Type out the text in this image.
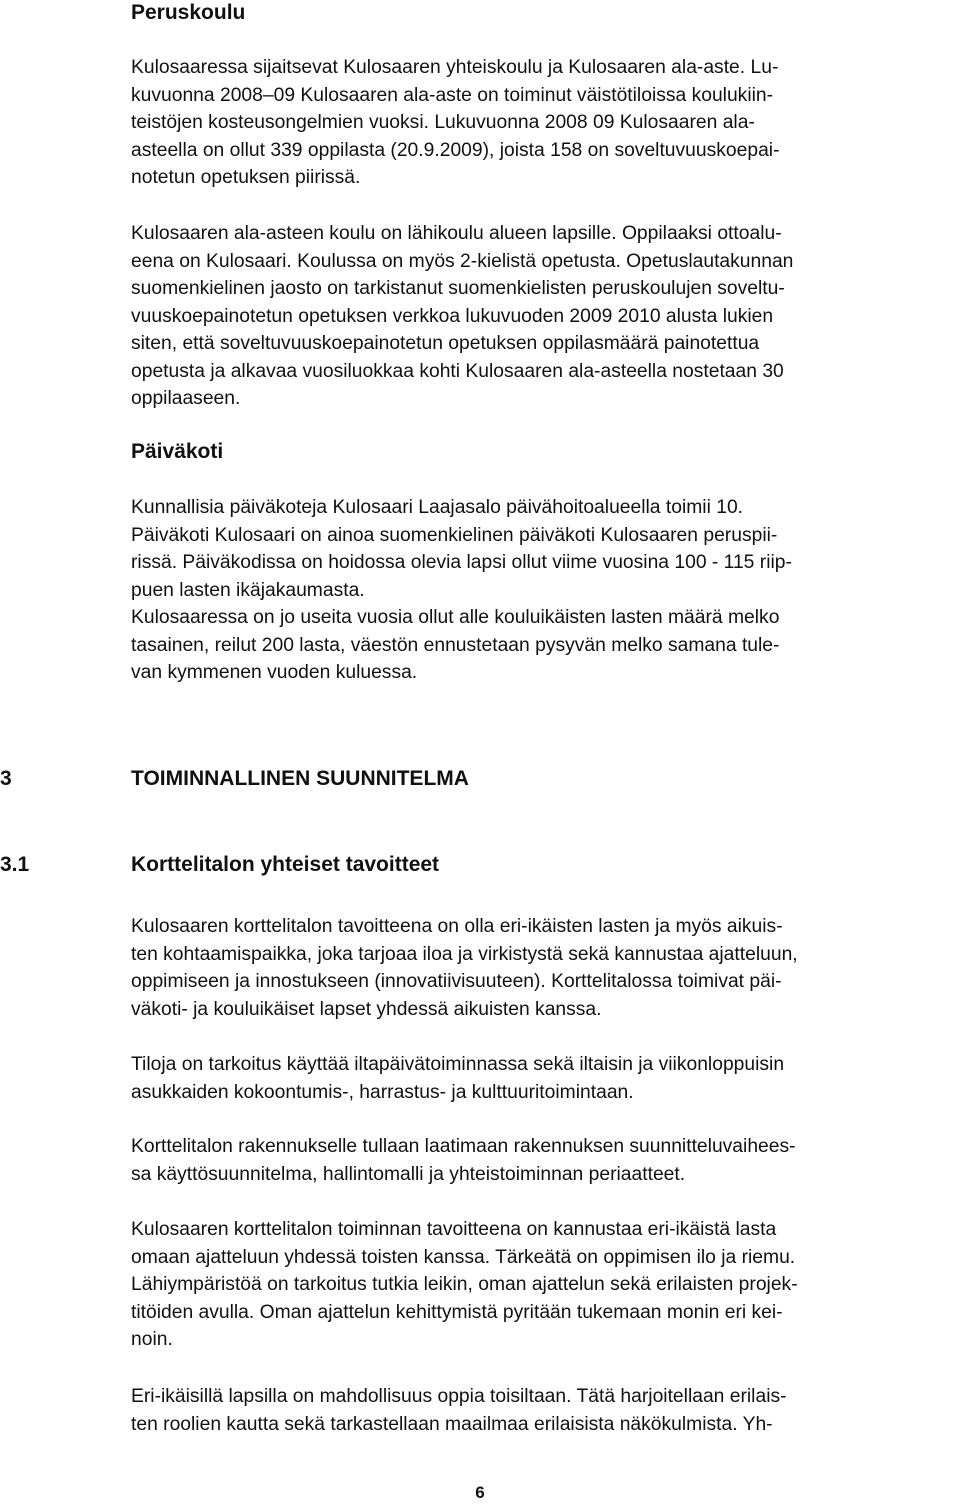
Peruskoulu

Kulosaaressa sijaitsevat Kulosaaren yhteiskoulu ja Kulosaaren ala-aste. Lu-
kuvuonna 2008–09 Kulosaaren ala-aste on toiminut väistötiloissa koulukiin-
teistöjen kosteusongelmien vuoksi. Lukuvuonna 2008 09 Kulosaaren ala-
asteella on ollut 339 oppilasta (20.9.2009), joista 158 on soveltuvuuskoepai-
notetun opetuksen piirissä.

Kulosaaren ala-asteen koulu on lähikoulu alueen lapsille. Oppilaaksi ottoalu-
eena on Kulosaari. Koulussa on myös 2-kielistä opetusta. Opetuslautakunnan
suomenkielinen jaosto on tarkistanut suomenkielisten peruskoulujen soveltu-
vuuskoepainotetun opetuksen verkkoa lukuvuoden 2009 2010 alusta lukien
siten, että soveltuvuuskoepainotetun opetuksen oppilasmäärä painotettua
opetusta ja alkavaa vuosiluokkaa kohti Kulosaaren ala-asteella nostetaan 30
oppilaaseen.

Päiväkoti

Kunnallisia päiväkoteja Kulosaari Laajasalo päivähoitoalueella toimii 10.
Päiväkoti Kulosaari on ainoa suomenkielinen päiväkoti Kulosaaren peruspii-
rissä. Päiväkodissa on hoidossa olevia lapsi ollut viime vuosina 100 - 115 riip-
puen lasten ikäjakaumasta.
Kulosaaressa on jo useita vuosia ollut alle kouluikäisten lasten määrä melko
tasainen, reilut 200 lasta, väestön ennustetaan pysyvän melko samana tule-
van kymmenen vuoden kuluessa.

3	TOIMINNALLINEN SUUNNITELMA
3.1	Korttelitalon yhteiset tavoitteet

Kulosaaren korttelitalon tavoitteena on olla eri-ikäisten lasten ja myös aikuis-
ten kohtaamispaikka, joka tarjoaa iloa ja virkistystä sekä kannustaa ajatteluun,
oppimiseen ja innostukseen (innovatiivisuuteen). Korttelitalossa toimivat päi-
väkoti- ja kouluikäiset lapset yhdessä aikuisten kanssa.

Tiloja on tarkoitus käyttää iltapäivätoiminnassa sekä iltaisin ja viikonloppuisin
asukkaiden kokoontumis-, harrastus- ja kulttuuritoimintaan.

Korttelitalon rakennukselle tullaan laatimaan rakennuksen suunnitteluvaihees-
sa käyttösuunnitelma, hallintomalli ja yhteistoiminnan periaatteet.

Kulosaaren korttelitalon toiminnan tavoitteena on kannustaa eri-ikäistä lasta
omaan ajatteluun yhdessä toisten kanssa. Tärkeätä on oppimisen ilo ja riemu.
Lähiympäristöä on tarkoitus tutkia leikin, oman ajattelun sekä erilaisten projek-
titöiden avulla. Oman ajattelun kehittymistä pyritään tukemaan monin eri kei-
noin.

Eri-ikäisillä lapsilla on mahdollisuus oppia toisiltaan. Tätä harjoitellaan erilais-
ten roolien kautta sekä tarkastellaan maailmaa erilaisista näkökulmista. Yh-

6
